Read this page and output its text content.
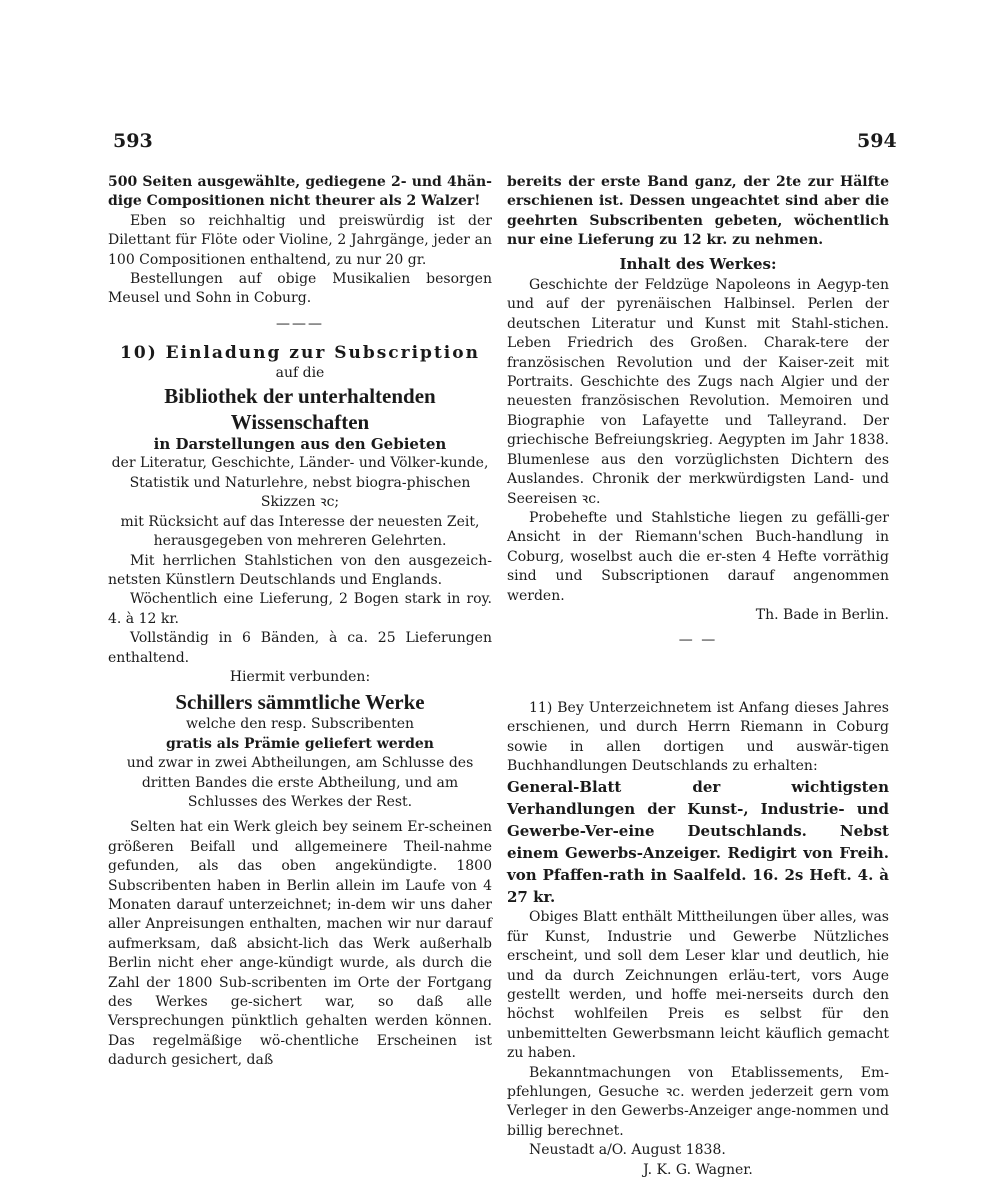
593	594

500 Seiten ausgewählte, gediegene 2- und 4hän-dige Compositionen nicht theurer als 2 Walzer!

Eben so reichhaltig und preiswürdig ist der Dilettant für Flöte oder Violine, 2 Jahrgänge, jeder an 100 Compositionen enthaltend, zu nur 20 gr.

Bestellungen auf obige Musikalien besorgen Meusel und Sohn in Coburg.

———
10) Einladung zur Subscription
auf die
Bibliothek der unterhaltenden
Wissenschaften
in Darstellungen aus den Gebieten

der Literatur, Geschichte, Länder- und Völker-kunde, Statistik und Naturlehre, nebst biogra-phischen Skizzen ꝛc;

mit Rücksicht auf das Interesse der neuesten Zeit, herausgegeben von mehreren Gelehrten.

Mit herrlichen Stahlstichen von den ausgezeich-netsten Künstlern Deutschlands und Englands.

Wöchentlich eine Lieferung, 2 Bogen stark in roy. 4. à 12 kr.

Vollständig in 6 Bänden, à ca. 25 Lieferungen enthaltend.

Hiermit verbunden:

Schillers sämmtliche Werke

welche den resp. Subscribenten

gratis als Prämie geliefert werden

und zwar in zwei Abtheilungen, am Schlusse des dritten Bandes die erste Abtheilung, und am Schlusses des Werkes der Rest.

Selten hat ein Werk gleich bey seinem Er-scheinen größeren Beifall und allgemeinere Theil-nahme gefunden, als das oben angekündigte. 1800 Subscribenten haben in Berlin allein im Laufe von 4 Monaten darauf unterzeichnet; in-dem wir uns daher aller Anpreisungen enthalten, machen wir nur darauf aufmerksam, daß absicht-lich das Werk außerhalb Berlin nicht eher ange-kündigt wurde, als durch die Zahl der 1800 Sub-scribenten im Orte der Fortgang des Werkes ge-sichert war, so daß alle Versprechungen pünktlich gehalten werden können. Das regelmäßige wö-chentliche Erscheinen ist dadurch gesichert, daß

bereits der erste Band ganz, der 2te zur Hälfte erschienen ist. Dessen ungeachtet sind aber die geehrten Subscribenten gebeten, wöchentlich nur eine Lieferung zu 12 kr. zu nehmen.

Inhalt des Werkes:

Geschichte der Feldzüge Napoleons in Aegyp-ten und auf der pyrenäischen Halbinsel. Perlen der deutschen Literatur und Kunst mit Stahl-stichen. Leben Friedrich des Großen. Charak-tere der französischen Revolution und der Kaiser-zeit mit Portraits. Geschichte des Zugs nach Algier und der neuesten französischen Revolution. Memoiren und Biographie von Lafayette und Talleyrand. Der griechische Befreiungskrieg. Aegypten im Jahr 1838. Blumenlese aus den vorzüglichsten Dichtern des Auslandes. Chronik der merkwürdigsten Land- und Seereisen ꝛc.

Probehefte und Stahlstiche liegen zu gefälli-ger Ansicht in der Riemann'schen Buch-handlung in Coburg, woselbst auch die er-sten 4 Hefte vorräthig sind und Subscriptionen darauf angenommen werden.

Th. Bade in Berlin.

— —

11) Bey Unterzeichnetem ist Anfang dieses Jahres erschienen, und durch Herrn Riemann in Coburg sowie in allen dortigen und auswär-tigen Buchhandlungen Deutschlands zu erhalten:

General-Blatt der wichtigsten Verhandlungen der Kunst-, Industrie- und Gewerbe-Ver-eine Deutschlands. Nebst einem Gewerbs-Anzeiger. Redigirt von Freih. von Pfaffen-rath in Saalfeld. 16. 2s Heft. 4. à 27 kr.

Obiges Blatt enthält Mittheilungen über alles, was für Kunst, Industrie und Gewerbe Nützliches erscheint, und soll dem Leser klar und deutlich, hie und da durch Zeichnungen erläu-tert, vors Auge gestellt werden, und hoffe mei-nerseits durch den höchst wohlfeilen Preis es selbst für den unbemittelten Gewerbsmann leicht käuflich gemacht zu haben.

Bekanntmachungen von Etablissements, Em-pfehlungen, Gesuche ꝛc. werden jederzeit gern vom Verleger in den Gewerbs-Anzeiger ange-nommen und billig berechnet.

Neustadt a/O. August 1838.

J. K. G. Wagner.
